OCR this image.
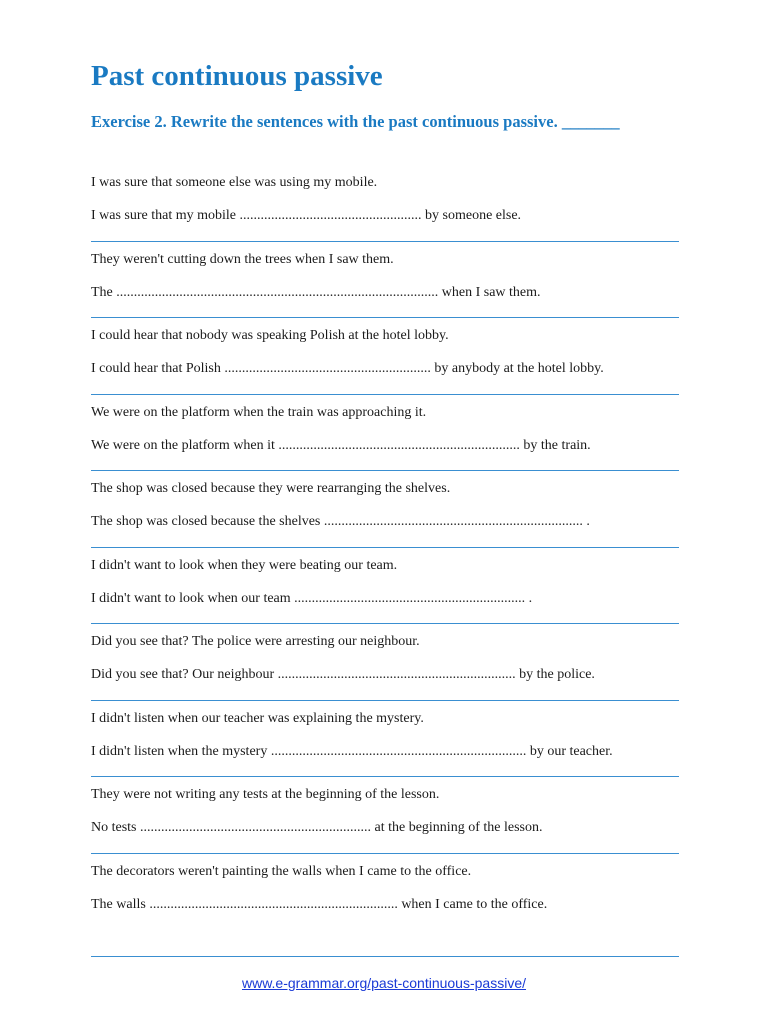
Past continuous passive
Exercise 2. Rewrite the sentences with the past continuous passive. _______
I was sure that someone else was using my mobile.
I was sure that my mobile .................................................... by someone else.
They weren't cutting down the trees when I saw them.
The ............................................................................................ when I saw them.
I could hear that nobody was speaking Polish at the hotel lobby.
I could hear that Polish ........................................................... by anybody at the hotel lobby.
We were on the platform when the train was approaching it.
We were on the platform when it ..................................................................... by the train.
The shop was closed because they were rearranging the shelves.
The shop was closed because the shelves .......................................................................... .
I didn't want to look when they were beating our team.
I didn't want to look when our team .................................................................. .
Did you see that? The police were arresting our neighbour.
Did you see that? Our neighbour .................................................................... by the police.
I didn't listen when our teacher was explaining the mystery.
I didn't listen when the mystery ......................................................................... by our teacher.
They were not writing any tests at the beginning of the lesson.
No tests .................................................................. at the beginning of the lesson.
The decorators weren't painting the walls when I came to the office.
The walls ....................................................................... when I came to the office.
www.e-grammar.org/past-continuous-passive/
